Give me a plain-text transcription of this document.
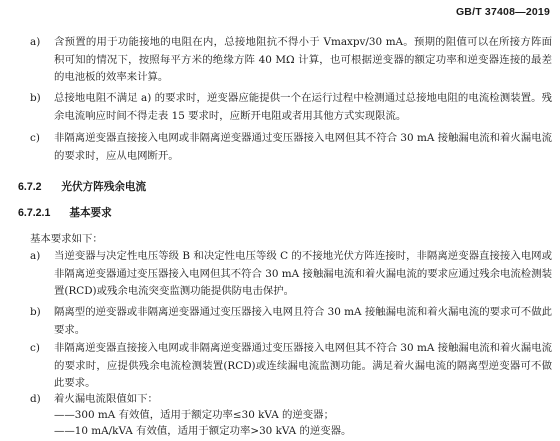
GB/T 37408—2019
a)	含预置的用于功能接地的电阻在内，总接地阻抗不得小于 Vmaxpv/30 mA。预期的阻值可以在所接方阵面积可知的情况下，按照每平方米的绝缘方阵 40 MΩ 计算，也可根据逆变器的额定功率和逆变器连接的最差的电池板的效率来计算。
b)	总接地电阻不满足 a) 的要求时，逆变器应能提供一个在运行过程中检测通过总接地电阻的电流检测装置。残余电流响应时间不得走表 15 要求时，应断开电阻或者用其他方式实现限流。
c)	非隔离逆变器直接接入电网或非隔离逆变器通过变压器接入电网但其不符合 30 mA 接触漏电流和着火漏电流的要求时，应从电网断开。
6.7.2 光伏方阵残余电流
6.7.2.1 基本要求
基本要求如下：
a)	当逆变器与决定性电压等级 B 和决定性电压等级 C 的不接地光伏方阵连接时，非隔离逆变器直接接入电网或非隔离逆变器通过变压器接入电网但其不符合 30 mA 接触漏电流和着火漏电流的要求应通过残余电流检测装置(RCD)或残余电流突变监测功能提供防电击保护。
b)	隔离型的逆变器或非隔离逆变器通过变压器接入电网且符合 30 mA 接触漏电流和着火漏电流的要求可不做此要求。
c)	非隔离逆变器直接接入电网或非隔离逆变器通过变压器接入电网但其不符合 30 mA 接触漏电流和着火漏电流的要求时，应提供残余电流检测装置(RCD)或连续漏电流监测功能。满足着火漏电流的隔离型逆变器可不做此要求。
d)	着火漏电流限值如下：
——300 mA 有效值，适用于额定功率≤30 kVA 的逆变器；
——10 mA/kVA 有效值，适用于额定功率>30 kVA 的逆变器。
